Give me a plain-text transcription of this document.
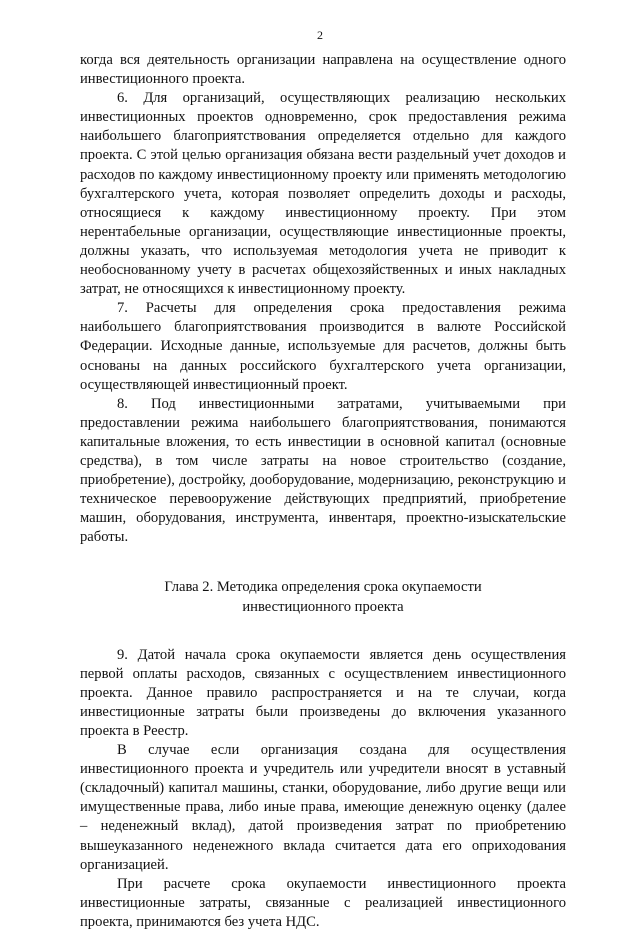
2

когда вся деятельность организации направлена на осуществление одного инвестиционного проекта.

6. Для организаций, осуществляющих реализацию нескольких инвестиционных проектов одновременно, срок предоставления режима наибольшего благоприятствования определяется отдельно для каждого проекта. С этой целью организация обязана вести раздельный учет доходов и расходов по каждому инвестиционному проекту или применять методологию бухгалтерского учета, которая позволяет определить доходы и расходы, относящиеся к каждому инвестиционному проекту. При этом нерентабельные организации, осуществляющие инвестиционные проекты, должны указать, что используемая методология учета не приводит к необоснованному учету в расчетах общехозяйственных и иных накладных затрат, не относящихся к инвестиционному проекту.

7. Расчеты для определения срока предоставления режима наибольшего благоприятствования производится в валюте Российской Федерации. Исходные данные, используемые для расчетов, должны быть основаны на данных российского бухгалтерского учета организации, осуществляющей инвестиционный проект.

8. Под инвестиционными затратами, учитываемыми при предоставлении режима наибольшего благоприятствования, понимаются капитальные вложения, то есть инвестиции в основной капитал (основные средства), в том числе затраты на новое строительство (создание, приобретение), достройку, дооборудование, модернизацию, реконструкцию и техническое перевооружение действующих предприятий, приобретение машин, оборудования, инструмента, инвентаря, проектно-изыскательские работы.

Глава 2. Методика определения срока окупаемости
инвестиционного проекта

9. Датой начала срока окупаемости является день осуществления первой оплаты расходов, связанных с осуществлением инвестиционного проекта. Данное правило распространяется и на те случаи, когда инвестиционные затраты были произведены до включения указанного проекта в Реестр.

В случае если организация создана для осуществления инвестиционного проекта и учредитель или учредители вносят в уставный (складочный) капитал машины, станки, оборудование, либо другие вещи или имущественные права, либо иные права, имеющие денежную оценку (далее – неденежный вклад), датой произведения затрат по приобретению вышеуказанного неденежного вклада считается дата его оприходования организацией.

При расчете срока окупаемости инвестиционного проекта инвестиционные затраты, связанные с реализацией инвестиционного проекта, принимаются без учета НДС.
